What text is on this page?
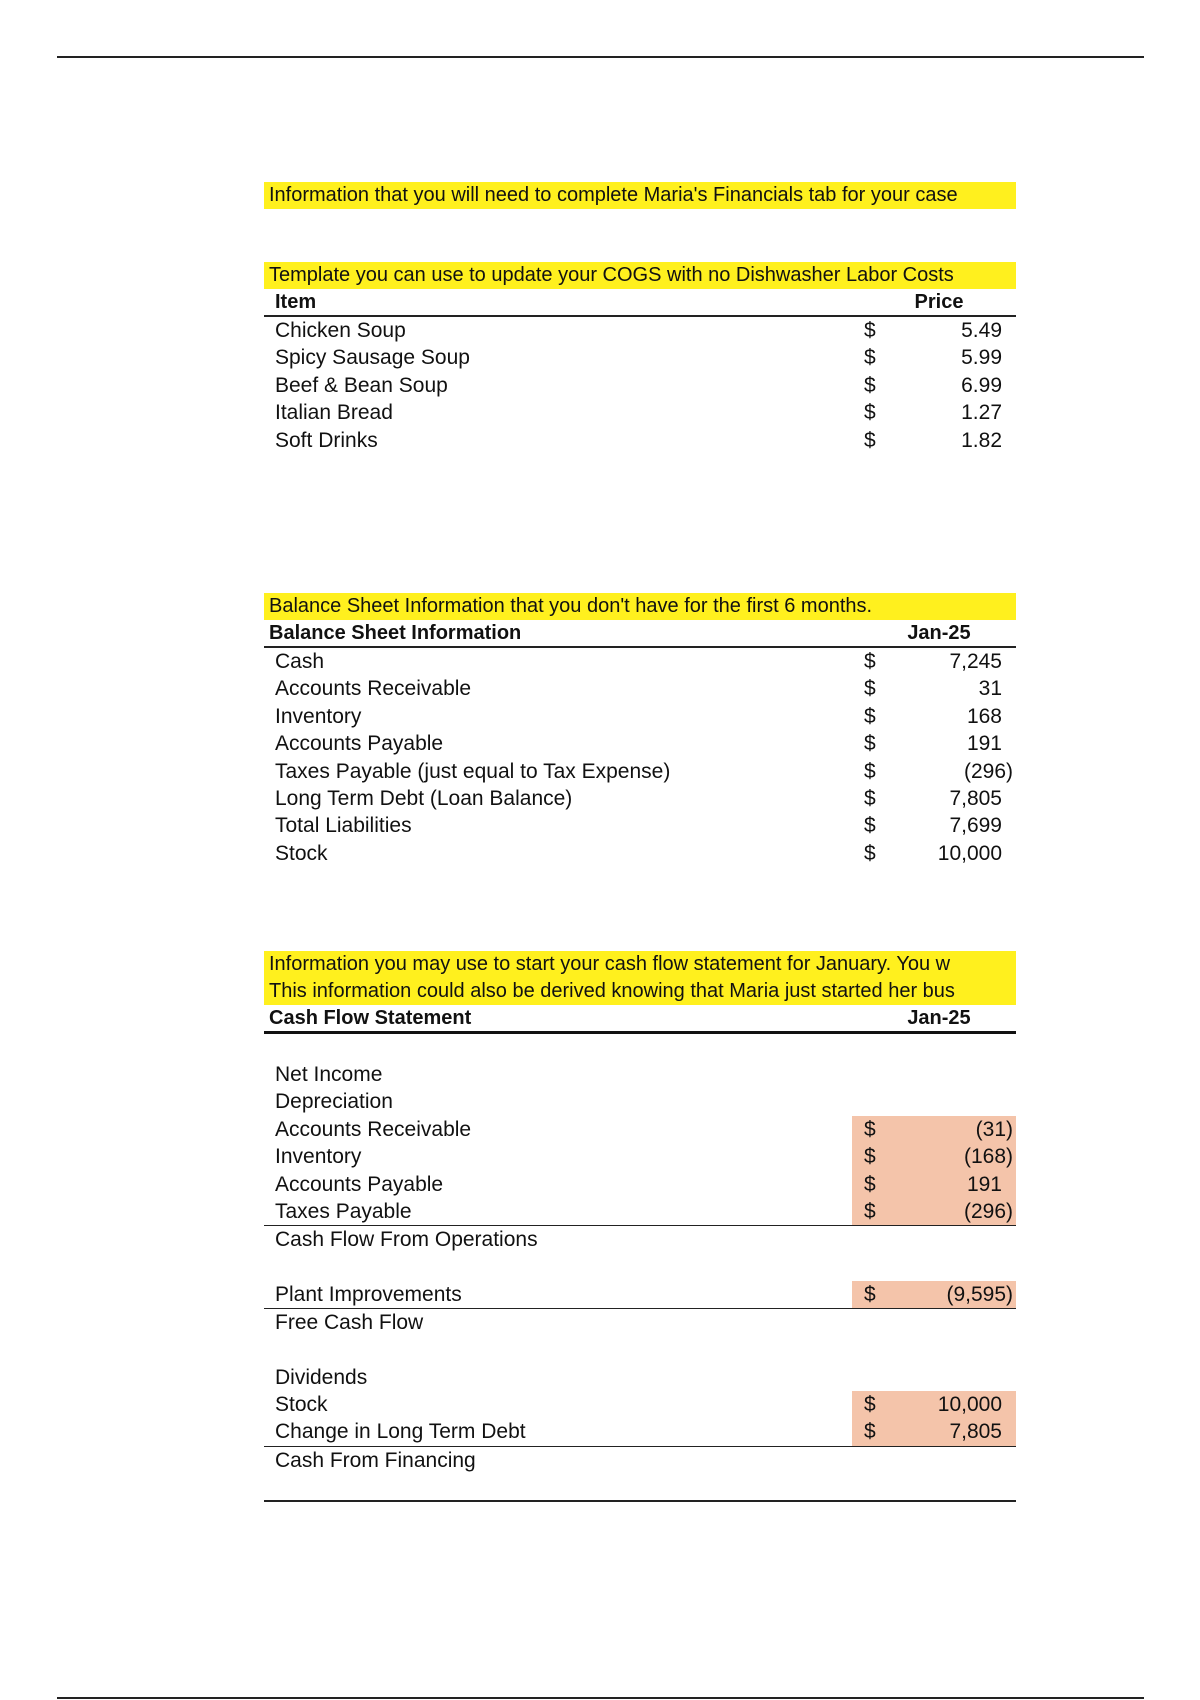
Information that you will need to complete Maria's Financials tab for your case
Template you can use to update your COGS with no Dishwasher Labor Costs
Item	Price
Chicken Soup	$	5.49
Spicy Sausage Soup	$	5.99
Beef & Bean Soup	$	6.99
Italian Bread	$	1.27
Soft Drinks	$	1.82
Balance Sheet Information that you don't have for the first 6 months.
Balance Sheet Information	Jan-25
Cash	$	7,245
Accounts Receivable	$	31
Inventory	$	168
Accounts Payable	$	191
Taxes Payable (just equal to Tax Expense)	$	(296)
Long Term Debt (Loan Balance)	$	7,805
Total Liabilities	$	7,699
Stock	$	10,000
Information you may use to start your cash flow statement for January. You w
This information could also be derived knowing that Maria just started her bus
Cash Flow Statement	Jan-25
Net Income
Depreciation
Accounts Receivable	$	(31)
Inventory	$	(168)
Accounts Payable	$	191
Taxes Payable	$	(296)
Cash Flow From Operations
Plant Improvements	$	(9,595)
Free Cash Flow
Dividends
Stock	$	10,000
Change in Long Term Debt	$	7,805
Cash From Financing
